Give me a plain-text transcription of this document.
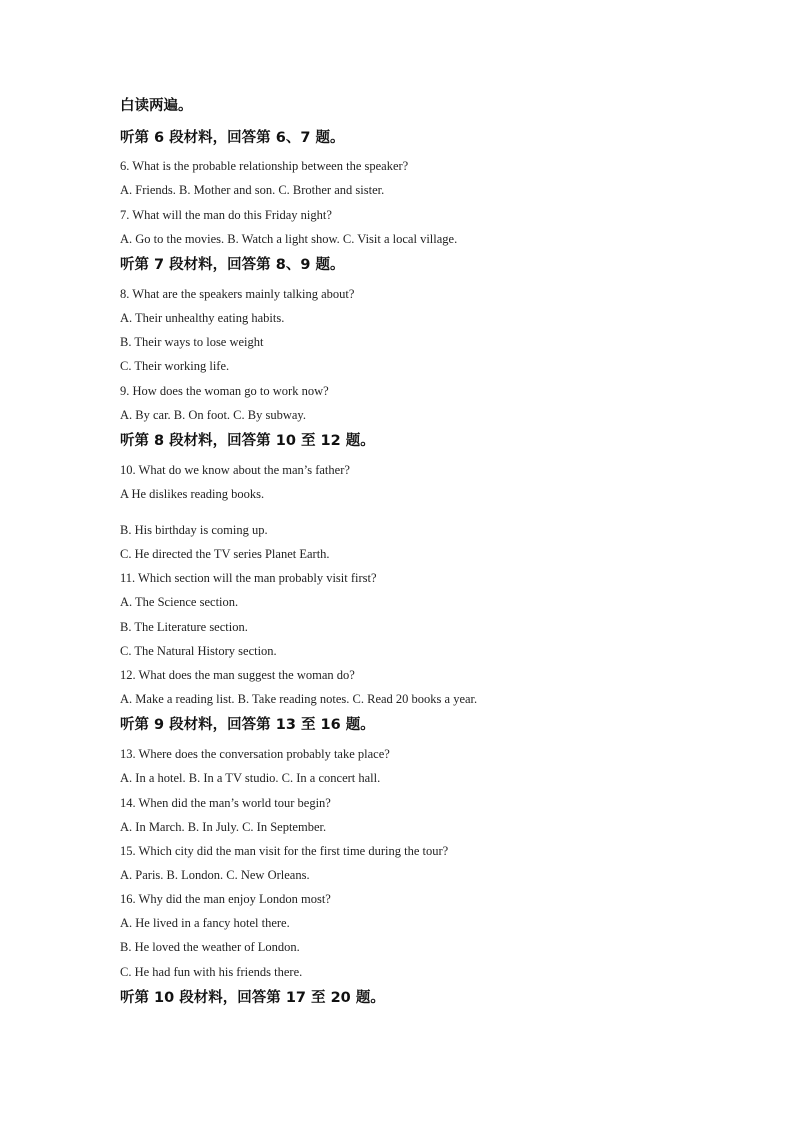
白读两遍。
听第 6 段材料，回答第 6、7 题。
6. What is the probable relationship between the speaker?
A. Friends. B. Mother and son. C. Brother and sister.
7. What will the man do this Friday night?
A. Go to the movies. B. Watch a light show. C. Visit a local village.
听第 7 段材料，回答第 8、9 题。
8. What are the speakers mainly talking about?
A. Their unhealthy eating habits.
B. Their ways to lose weight
C. Their working life.
9. How does the woman go to work now?
A. By car. B. On foot. C. By subway.
听第 8 段材料，回答第 10 至 12 题。
10. What do we know about the man’s father?
A He dislikes reading books.
B. His birthday is coming up.
C. He directed the TV series Planet Earth.
11. Which section will the man probably visit first?
A. The Science section.
B. The Literature section.
C. The Natural History section.
12. What does the man suggest the woman do?
A. Make a reading list. B. Take reading notes. C. Read 20 books a year.
听第 9 段材料，回答第 13 至 16 题。
13. Where does the conversation probably take place?
A. In a hotel. B. In a TV studio. C. In a concert hall.
14. When did the man’s world tour begin?
A. In March. B. In July. C. In September.
15. Which city did the man visit for the first time during the tour?
A. Paris. B. London. C. New Orleans.
16. Why did the man enjoy London most?
A. He lived in a fancy hotel there.
B. He loved the weather of London.
C. He had fun with his friends there.
听第 10 段材料，回答第 17 至 20 题。
